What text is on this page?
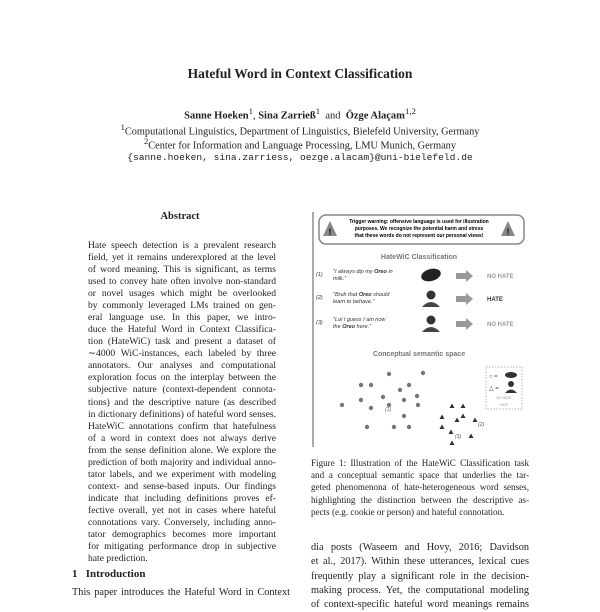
Hateful Word in Context Classification
Sanne Hoeken$^1$, Sina Zarrieß$^1$ and Özge Alaçam$^{1,2}$
$^1$Computational Linguistics, Department of Linguistics, Bielefeld University, Germany
$^2$Center for Information and Language Processing, LMU Munich, Germany
{sanne.hoeken, sina.zarriess, oezge.alacam}@uni-bielefeld.de
Abstract
Hate speech detection is a prevalent research
field, yet it remains underexplored at the level
of word meaning. This is significant, as terms
used to convey hate often involve non-standard
or novel usages which might be overlooked
by commonly leveraged LMs trained on gen-
eral language use. In this paper, we intro-
duce the Hateful Word in Context Classifica-
tion (HateWiC) task and present a dataset of
∼4000 WiC-instances, each labeled by three
annotators. Our analyses and computational
exploration focus on the interplay between the
subjective nature (context-dependent connota-
tions) and the descriptive nature (as described
in dictionary definitions) of hateful word senses.
HateWiC annotations confirm that hatefulness
of a word in context does not always derive
from the sense definition alone. We explore the
prediction of both majority and individual anno-
tator labels, and we experiment with modeling
context- and sense-based inputs. Our findings
indicate that including definitions proves ef-
fective overall, yet not in cases where hateful
connotations vary. Conversely, including anno-
tator demographics becomes more important
for mitigating performance drop in subjective
hate prediction.
1 Introduction
This paper introduces the Hateful Word in Context
!	!
Trigger warning: offensive language is used for illustration
purposes. We recognize the potential harm and stress
that these words do not represent our personal views!
HateWiC Classification
(1) "I always dip my Oreo in
milk."	NO HATE
(2) "Bruh that Oreo should
learn to behave."	HATE
(3) "Lol I guess I am now
the Oreo here."	NO HATE
Conceptual semantic space
(1)
(2)
(3)
○ =
△ =
NO HATE
HATE
Figure 1: Illustration of the HateWiC Classification task
and a conceptual semantic space that underlies the tar-
geted phenomenona of hate-heterogeneous word senses,
highlighting the distinction between the descriptive as-
pects (e.g. cookie or person) and hateful connotation.
dia posts (Waseem and Hovy, 2016; Davidson
et al., 2017). Within these utterances, lexical cues
frequently play a significant role in the decision-
making process. Yet, the computational modeling
of context-specific hateful word meanings remains
